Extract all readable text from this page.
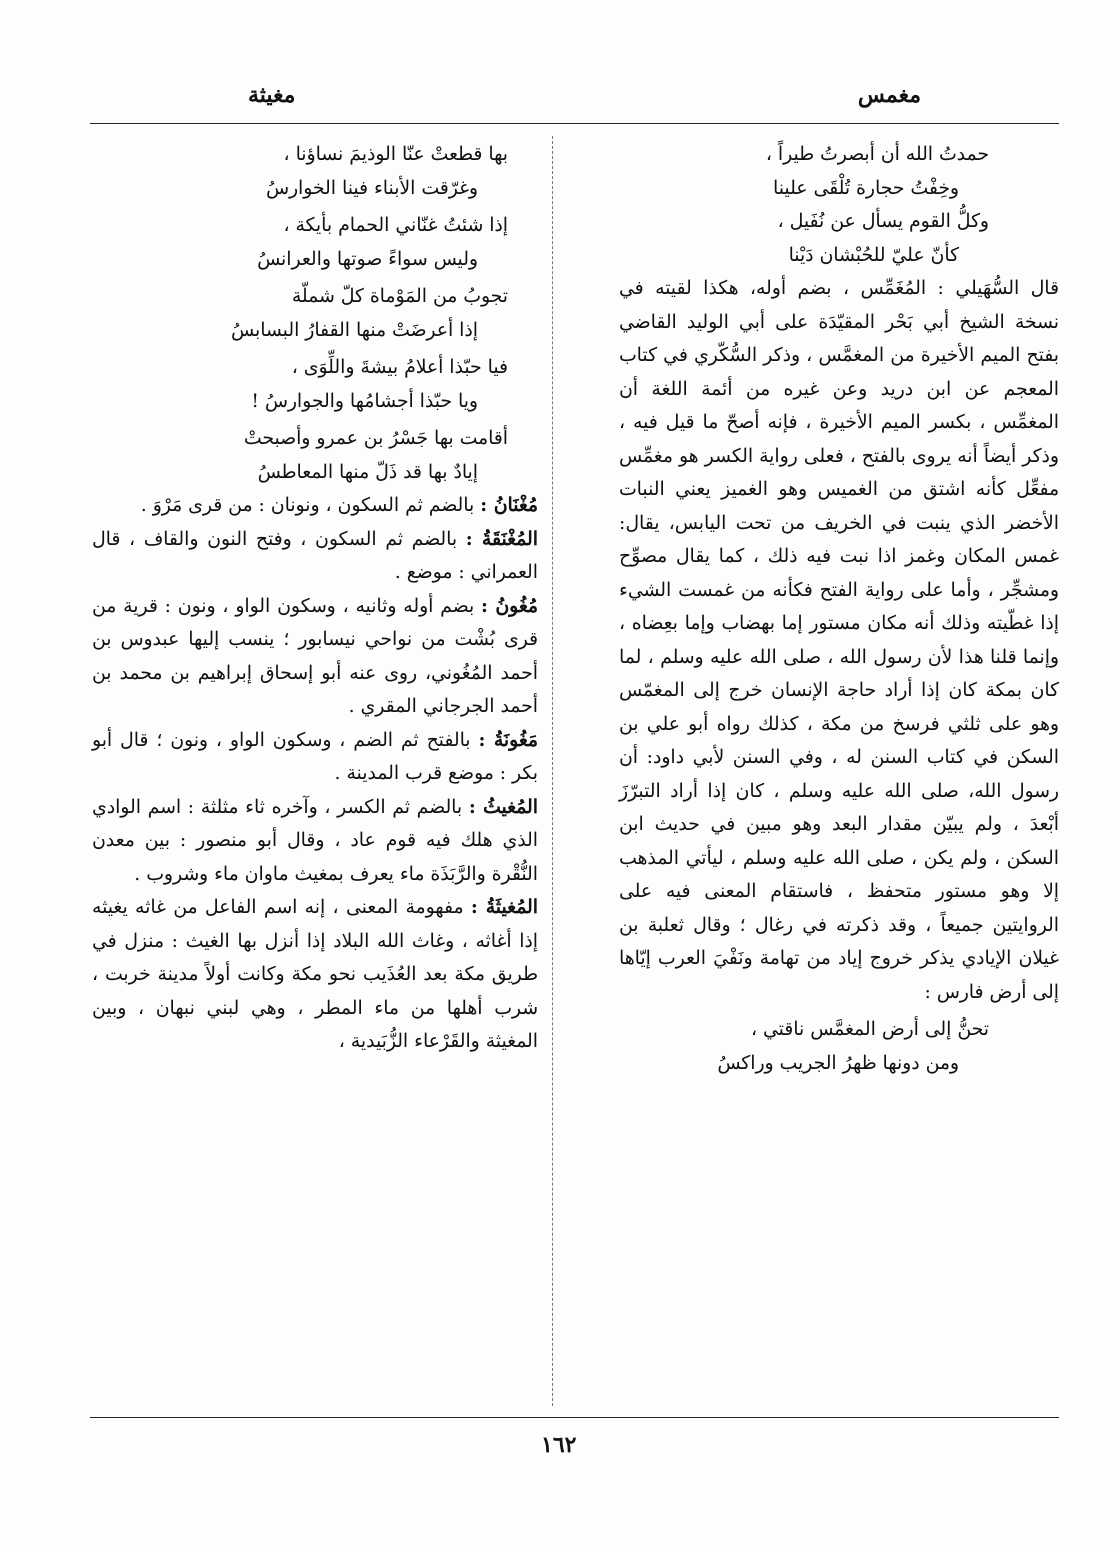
مغمس
مغيثة
حمدتُ الله أن أبصرتُ طيراً ،
وخِفْتُ حجارة تُلْقَى علينا
وكلُّ القوم يسأل عن نُفَيل ،
كأنّ عليّ للحُبْشان دَيْنا

قال السُّهَيلي : المُغَمِّس ، بضم أوله، هكذا لقيته في نسخة الشيخ أبي بَحْر المقيّدَة على أبي الوليد القاضي بفتح الميم الأخيرة من المغمَّس ، وذكر السُّكّري في كتاب المعجم عن ابن دريد وعن غيره من أئمة اللغة أن المغمِّس ، بكسر الميم الأخيرة ، فإنه أصحّ ما قيل فيه ، وذكر أيضاً أنه يروى بالفتح ، فعلى رواية الكسر هو مغمِّس مفعِّل كأنه اشتق من الغميس وهو الغميز يعني النبات الأخضر الذي ينبت في الخريف من تحت اليابس، يقال: غمس المكان وغمز اذا نبت فيه ذلك ، كما يقال مصوِّح ومشجِّر ، وأما على رواية الفتح فكأنه من غمست الشيء إذا غطّيته وذلك أنه مكان مستور إما بهضاب وإما بعِضاه ، وإنما قلنا هذا لأن رسول الله ، صلى الله عليه وسلم ، لما كان بمكة كان إذا أراد حاجة الإنسان خرج إلى المغمّس وهو على ثلثي فرسخ من مكة ، كذلك رواه أبو علي بن السكن في كتاب السنن له ، وفي السنن لأبي داود: أن رسول الله، صلى الله عليه وسلم ، كان إذا أراد التبرّزَ أبْعدَ ، ولم يبيّن مقدار البعد وهو مبين في حديث ابن السكن ، ولم يكن ، صلى الله عليه وسلم ، ليأتي المذهب إلا وهو مستور متحفظ ، فاستقام المعنى فيه على الروايتين جميعاً ، وقد ذكرته في رغال ؛ وقال ثعلبة بن غيلان الإيادي يذكر خروج إياد من تهامة ونَفْيَ العرب إيّاها إلى أرض فارس :

تحنُّ إلى أرض المغمَّس ناقتي ،
ومن دونها ظهرُ الجريب وراكسُ
بها قطعتْ عنّا الوذيمَ نساؤنا ،
وغرّقت الأبناء فينا الخوارسُ
إذا شئتُ غنّاني الحمام بأيكة ،
وليس سواءً صوتها والعرانسُ
تجوبُ من المَوْماة كلّ شملّة
إذا أعرضَتْ منها القفارُ البسابسُ
فيا حبّذا أعلامُ بيشةَ واللِّوَى ،
ويا حبّذا أجشامُها والجوارسُ !
أقامت بها جَسْرُ بن عمرو وأصبحتْ
إيادٌ بها قد ذَلّ منها المعاطسُ

مُغْنَانُ : بالضم ثم السكون ، ونونان : من قرى مَرْوَ .

المُغْنَقَةُ : بالضم ثم السكون ، وفتح النون والقاف ، قال العمراني : موضع .

مُغُونُ : بضم أوله وثانيه ، وسكون الواو ، ونون : قرية من قرى بُشْت من نواحي نيسابور ؛ ينسب إليها عبدوس بن أحمد المُغُوني، روى عنه أبو إسحاق إبراهيم بن محمد بن أحمد الجرجاني المقري .

مَغُونَةُ : بالفتح ثم الضم ، وسكون الواو ، ونون ؛ قال أبو بكر : موضع قرب المدينة .

المُغيثُ : بالضم ثم الكسر ، وآخره ثاء مثلثة : اسم الوادي الذي هلك فيه قوم عاد ، وقال أبو منصور : بين معدن النُّقْرة والرَّبَذَة ماء يعرف بمغيث ماوان ماء وشروب .

المُغيثَةُ : مفهومة المعنى ، إنه اسم الفاعل من غاثه يغيثه إذا أغاثه ، وغاث الله البلاد إذا أنزل بها الغيث : منزل في طريق مكة بعد العُذَيب نحو مكة وكانت أولاً مدينة خربت ، شرب أهلها من ماء المطر ، وهي لبني نبهان ، وبين المغيثة والقَرْعاء الزُّبَيدية ،

١٦٢
